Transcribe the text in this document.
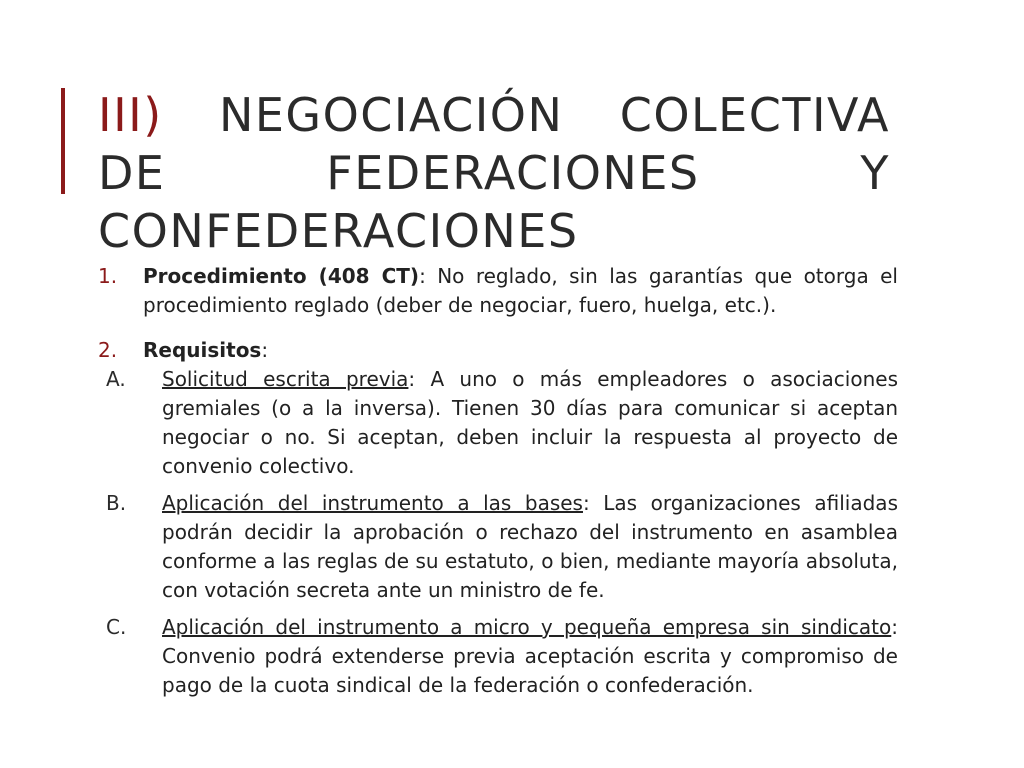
III) NEGOCIACIÓN COLECTIVA DE FEDERACIONES Y CONFEDERACIONES
1. Procedimiento (408 CT): No reglado, sin las garantías que otorga el procedimiento reglado (deber de negociar, fuero, huelga, etc.).
2. Requisitos:
A. Solicitud escrita previa: A uno o más empleadores o asociaciones gremiales (o a la inversa). Tienen 30 días para comunicar si aceptan negociar o no. Si aceptan, deben incluir la respuesta al proyecto de convenio colectivo.
B. Aplicación del instrumento a las bases: Las organizaciones afiliadas podrán decidir la aprobación o rechazo del instrumento en asamblea conforme a las reglas de su estatuto, o bien, mediante mayoría absoluta, con votación secreta ante un ministro de fe.
C. Aplicación del instrumento a micro y pequeña empresa sin sindicato: Convenio podrá extenderse previa aceptación escrita y compromiso de pago de la cuota sindical de la federación o confederación.
